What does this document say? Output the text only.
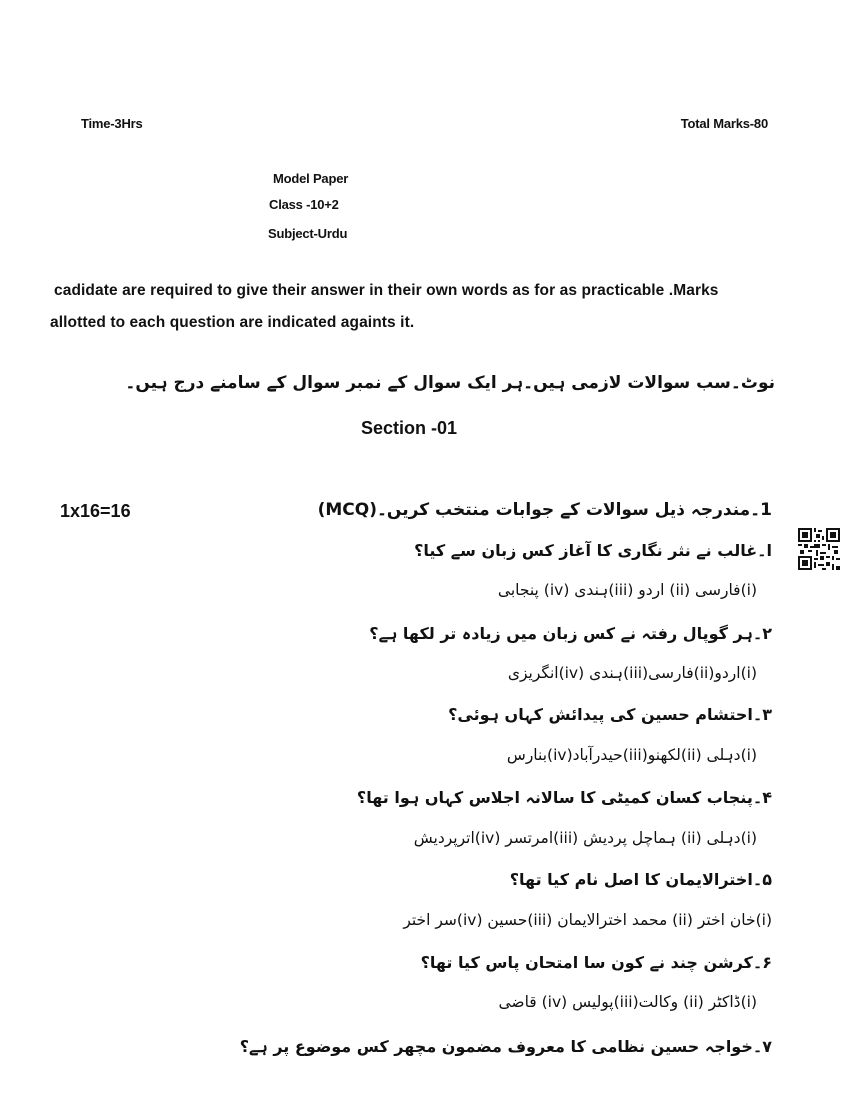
Time-3Hrs	Total Marks-80
Model Paper
Class -10+2
Subject-Urdu
cadidate are required to give their answer in their own words as for as practicable .Marks
allotted to each question are indicated againts it.
نوٹ۔سب سوالات لازمی ہیں۔ہر ایک سوال کے نمبر سوال کے سامنے درج ہیں۔
Section -01
1x16=16	1۔مندرجہ ذیل سوالات کے جوابات منتخب کریں۔(MCQ)
ا۔غالب نے نثر نگاری کا آغاز کس زبان سے کیا؟
(i)فارسی (ii) اردو (iii)ہندی (iv) پنجابی
۲۔ہر گوپال رفتہ نے کس زبان میں زیادہ تر لکھا ہے؟
(i)اردو(ii)فارسی(iii)ہندی (iv)انگریزی
۳۔احتشام حسین کی پیدائش کہاں ہوئی؟
(i)دہلی (ii)لکھنو(iii)حیدرآباد(iv)بنارس
۴۔پنجاب کسان کمیٹی کا سالانہ اجلاس کہاں ہوا تھا؟
(i)دہلی (ii) ہماچل پردیش (iii)امرتسر (iv)اترپردیش
۵۔اخترالایمان کا اصل نام کیا تھا؟
(i)خان اختر (ii) محمد اخترالایمان (iii)حسین (iv)سر اختر
۶۔کرشن چند نے کون سا امتحان پاس کیا تھا؟
(i)ڈاکٹر (ii) وکالت(iii)پولیس (iv) قاضی
۷۔خواجہ حسین نظامی کا معروف مضمون مچھر کس موضوع پر ہے؟
